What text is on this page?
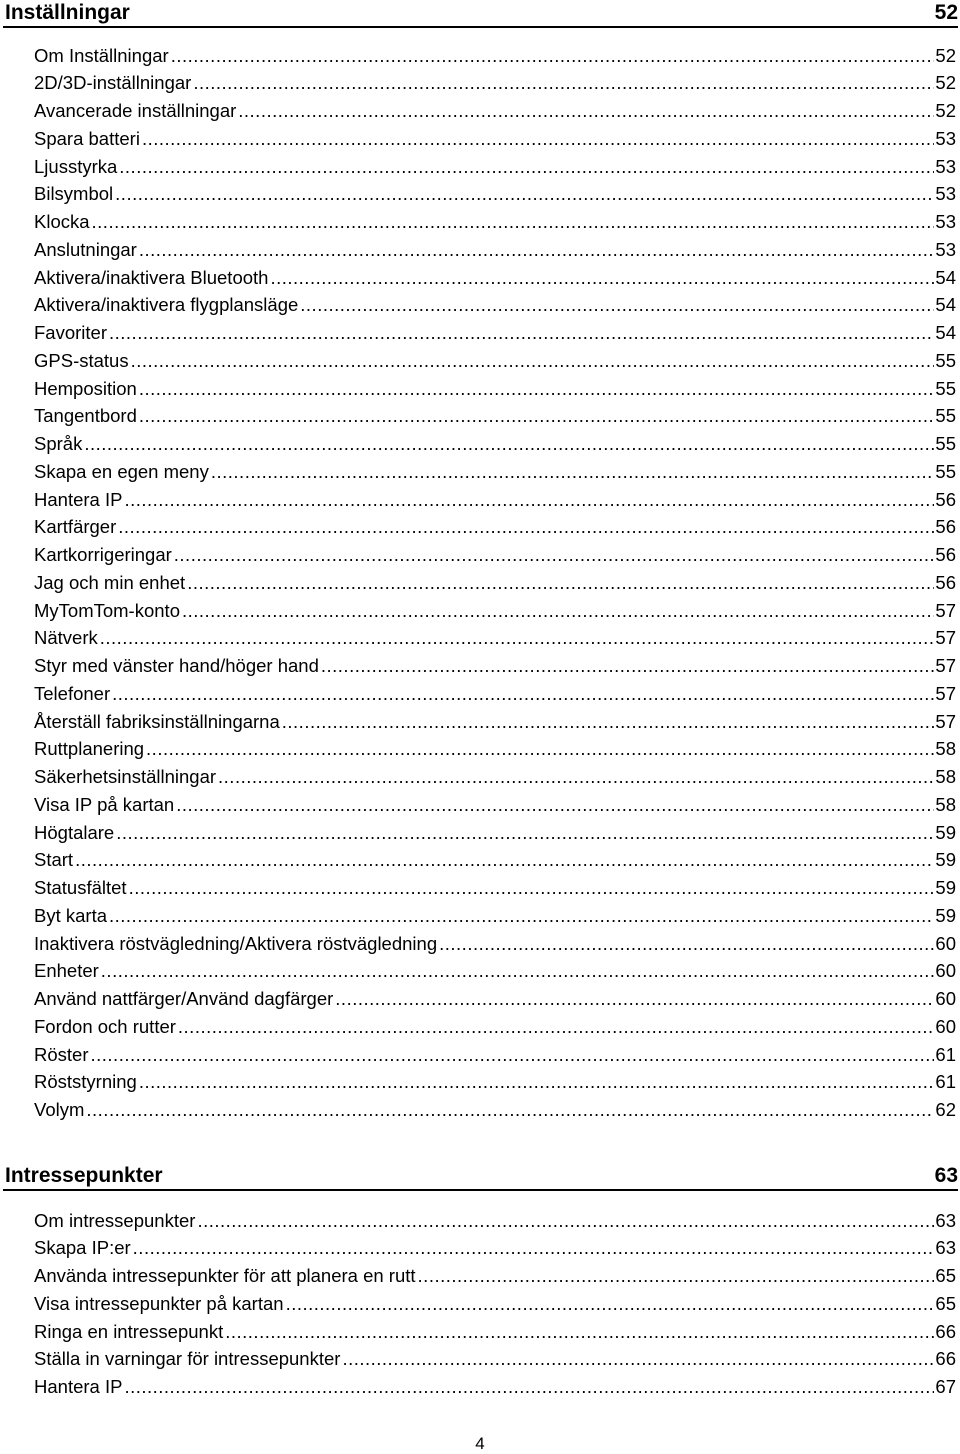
Inställningar	52
Om Inställningar .....	52
2D/3D-inställningar .....	52
Avancerade inställningar .....	52
Spara batteri .....	53
Ljusstyrka .....	53
Bilsymbol .....	53
Klocka .....	53
Anslutningar .....	53
Aktivera/inaktivera Bluetooth .....	54
Aktivera/inaktivera flygplansläge .....	54
Favoriter .....	54
GPS-status .....	55
Hemposition .....	55
Tangentbord .....	55
Språk .....	55
Skapa en egen meny .....	55
Hantera IP .....	56
Kartfärger .....	56
Kartkorrigeringar .....	56
Jag och min enhet .....	56
MyTomTom-konto .....	57
Nätverk .....	57
Styr med vänster hand/höger hand .....	57
Telefoner .....	57
Återställ fabriksinställningarna .....	57
Ruttplanering .....	58
Säkerhetsinställningar .....	58
Visa IP på kartan .....	58
Högtalare .....	59
Start .....	59
Statusfältet .....	59
Byt karta .....	59
Inaktivera röstvägledning/Aktivera röstvägledning .....	60
Enheter .....	60
Använd nattfärger/Använd dagfärger .....	60
Fordon och rutter .....	60
Röster .....	61
Röststyrning .....	61
Volym .....	62
Intressepunkter	63
Om intressepunkter .....	63
Skapa IP:er .....	63
Använda intressepunkter för att planera en rutt .....	65
Visa intressepunkter på kartan .....	65
Ringa en intressepunkt .....	66
Ställa in varningar för intressepunkter .....	66
Hantera IP .....	67
4
